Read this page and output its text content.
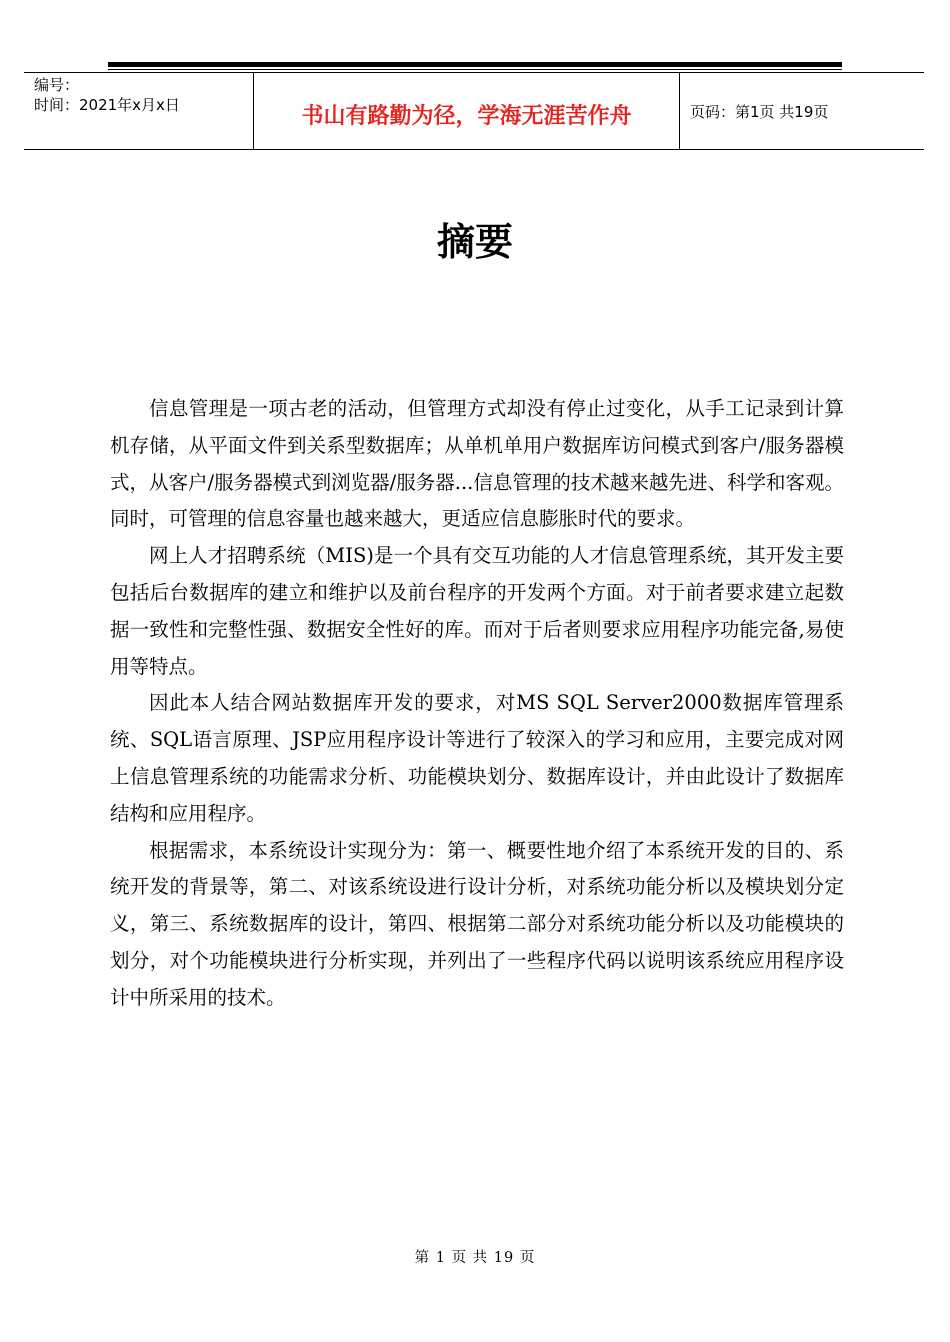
编号：
时间：2021年x月x日	书山有路勤为径，学海无涯苦作舟	页码：第1页 共19页
摘要

信息管理是一项古老的活动，但管理方式却没有停止过变化，从手工记录到计算机存储，从平面文件到关系型数据库；从单机单用户数据库访问模式到客户/服务器模式，从客户/服务器模式到浏览器/服务器...信息管理的技术越来越先进、科学和客观。同时，可管理的信息容量也越来越大，更适应信息膨胀时代的要求。

网上人才招聘系统（MIS)是一个具有交互功能的人才信息管理系统，其开发主要包括后台数据库的建立和维护以及前台程序的开发两个方面。对于前者要求建立起数据一致性和完整性强、数据安全性好的库。而对于后者则要求应用程序功能完备,易使用等特点。

因此本人结合网站数据库开发的要求，对MS SQL Server2000数据库管理系统、SQL语言原理、JSP应用程序设计等进行了较深入的学习和应用，主要完成对网上信息管理系统的功能需求分析、功能模块划分、数据库设计，并由此设计了数据库结构和应用程序。

根据需求，本系统设计实现分为：第一、概要性地介绍了本系统开发的目的、系统开发的背景等，第二、对该系统设进行设计分析，对系统功能分析以及模块划分定义，第三、系统数据库的设计，第四、根据第二部分对系统功能分析以及功能模块的划分，对个功能模块进行分析实现，并列出了一些程序代码以说明该系统应用程序设计中所采用的技术。

第 1 页 共 19 页
